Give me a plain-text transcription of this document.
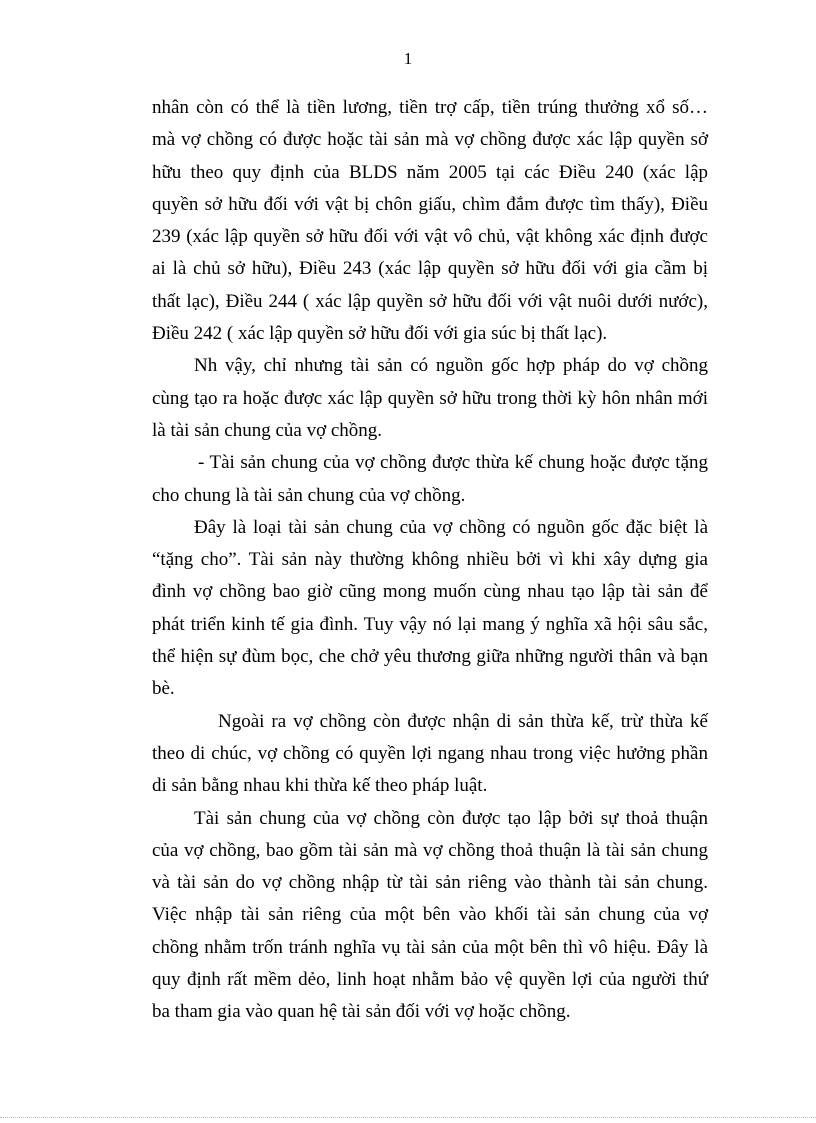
1
nhân còn có thể là tiền lương, tiền trợ cấp, tiền trúng thưởng xổ số…
mà vợ chồng có được hoặc tài sản mà vợ chồng được xác lập quyền sở
hữu theo quy định của BLDS năm 2005 tại các Điều 240 (xác lập
quyền sở hữu đối với vật bị chôn giấu, chìm đắm được tìm thấy), Điều
239 (xác lập quyền sở hữu đối với vật vô chủ, vật không xác định được
ai là chủ sở hữu), Điều 243 (xác lập quyền sở hữu đối với gia cầm bị
thất lạc), Điều 244 ( xác lập quyền sở hữu đối với vật nuôi dưới nước),
Điều 242 ( xác lập quyền sở hữu đối với gia súc bị thất lạc).
Nh vậy, chỉ nhưng tài sản có nguồn gốc hợp pháp do vợ chồng
cùng tạo ra hoặc được xác lập quyền sở hữu trong thời kỳ hôn nhân mới
là tài sản chung của vợ chồng.
- Tài sản chung của vợ chồng được thừa kế chung hoặc được tặng
cho chung là tài sản chung của vợ chồng.
Đây là loại tài sản chung của vợ chồng có nguồn gốc đặc biệt là
“tặng cho”. Tài sản này thường không nhiều bởi vì khi xây dựng gia
đình vợ chồng bao giờ cũng mong muốn cùng nhau tạo lập tài sản để
phát triển kinh tế gia đình. Tuy vậy nó lại mang ý nghĩa xã hội sâu sắc,
thể hiện sự đùm bọc, che chở yêu thương giữa những người thân và bạn
bè.
Ngoài ra vợ chồng còn được nhận di sản thừa kế, trừ thừa kế
theo di chúc, vợ chồng có quyền lợi ngang nhau trong việc hưởng phần
di sản bằng nhau khi thừa kế theo pháp luật.
Tài sản chung của vợ chồng còn được tạo lập bởi sự thoả thuận
của vợ chồng, bao gồm tài sản mà vợ chồng thoả thuận là tài sản chung
và tài sản do vợ chồng nhập từ tài sản riêng vào thành tài sản chung.
Việc nhập tài sản riêng của một bên vào khối tài sản chung của vợ
chồng nhằm trốn tránh nghĩa vụ tài sản của một bên thì vô hiệu. Đây là
quy định rất mềm dẻo, linh hoạt nhằm bảo vệ quyền lợi của người thứ
ba tham gia vào quan hệ tài sản đối với vợ hoặc chồng.
